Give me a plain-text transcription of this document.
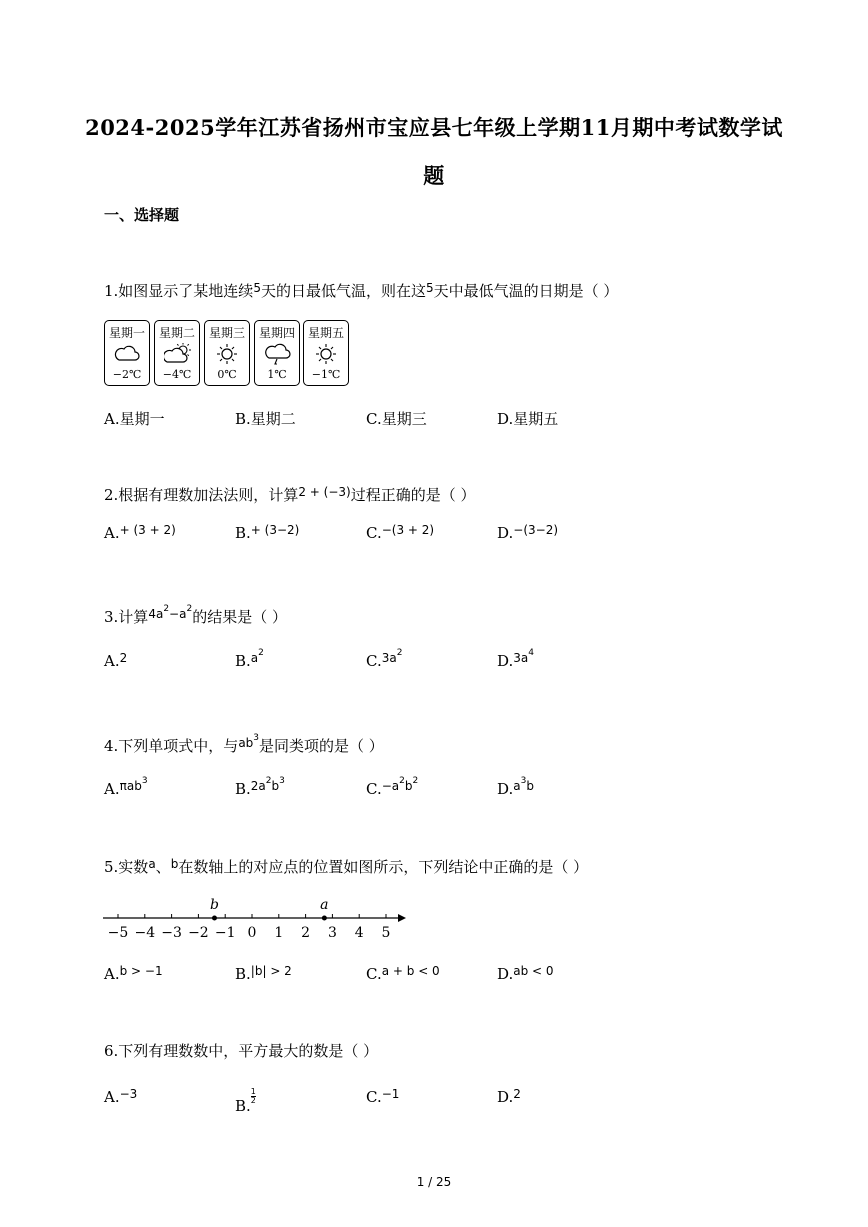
2024-2025学年江苏省扬州市宝应县七年级上学期11月期中考试数学试
题
一、选择题
1.如图显示了某地连续$^5$天的日最低气温，则在这$^5$天中最低气温的日期是（ ）
星期一
−2℃
星期二
−4℃
星期三
0℃
星期四
1℃
星期五
−1℃
A.星期一	B.星期二	C.星期三	D.星期五
2.根据有理数加法法则，计算$^{2 + (-3)}$过程正确的是（ ）
A.$^{+ (3 + 2)}$	B.$^{+ (3-2)}$	C.$^{-(3 + 2)}$	D.$^{-(3-2)}$
3.计算$^{4a^2-a^2}$的结果是（ ）
A.$^2$	B.$^{a^2}$	C.$^{3a^2}$	D.$^{3a^4}$
4.下列单项式中，与$^{ab^3}$是同类项的是（ ）
A.$^{\pi ab^3}$	B.$^{2a^2b^3}$	C.$^{-a^2b^2}$	D.$^{a^3b}$
5.实数$^a$、$^b$在数轴上的对应点的位置如图所示，下列结论中正确的是（ ）
−5 −4 −3 −2 −1 0 1 2 3 4 5
b	a
A.$^{b > -1}$	B.$^{|b| > 2}$	C.$^{a + b < 0}$	D.$^{ab < 0}$
6.下列有理数数中，平方最大的数是（ ）
A.$^{-3}$
B.
$\frac{1}{2}$	C.$^{-1}$	D.$^2$
1 / 25
